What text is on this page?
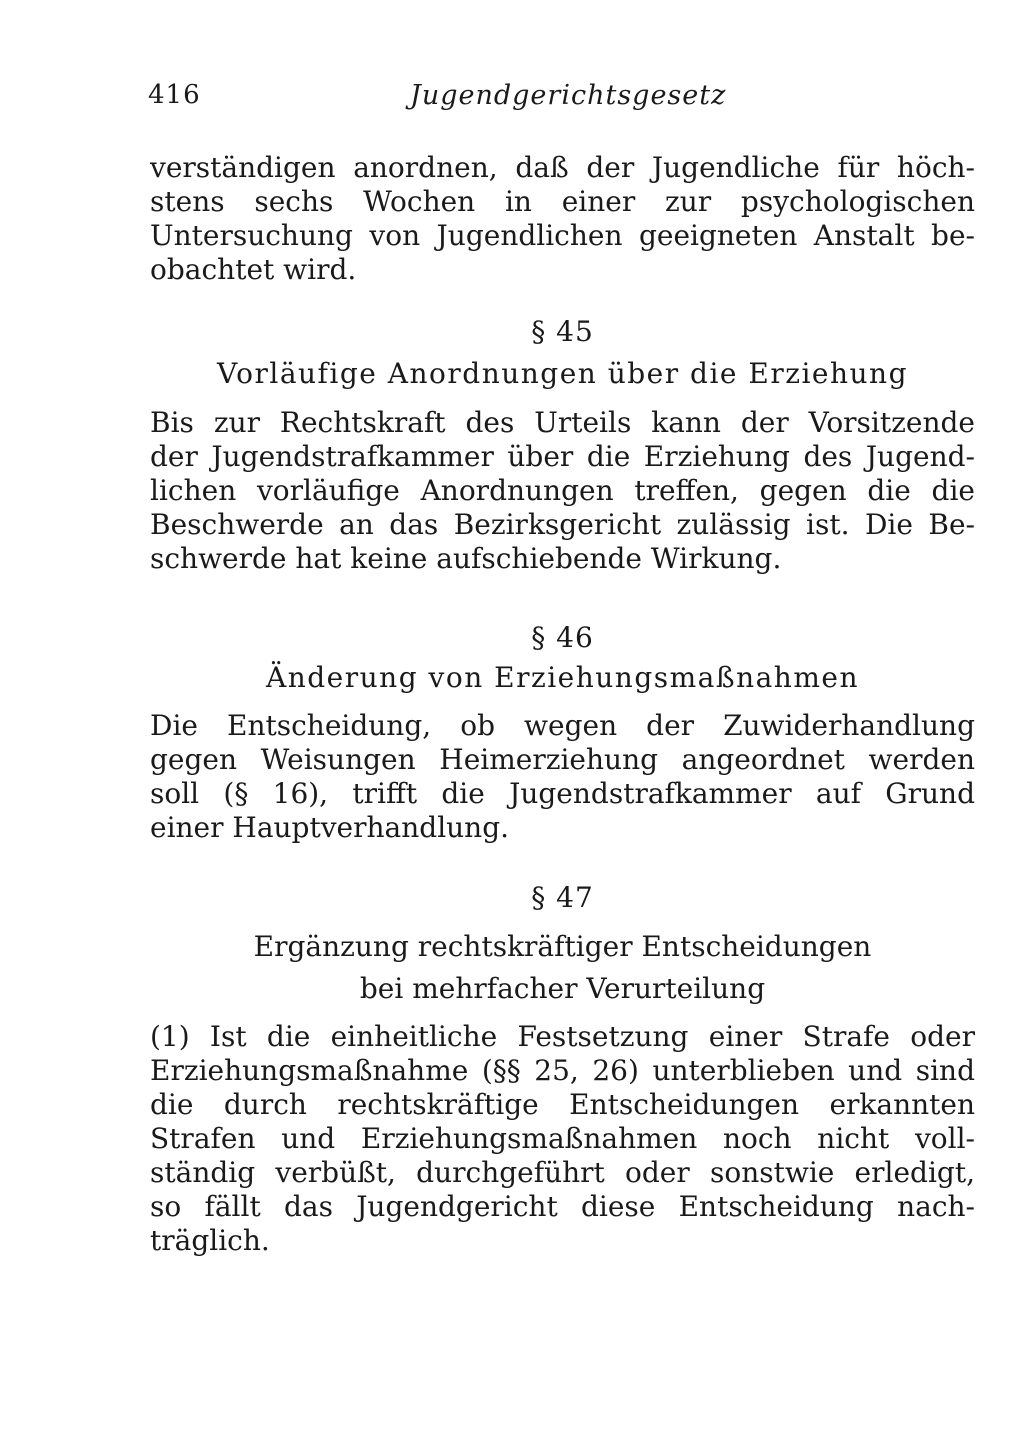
416	Jugendgerichtsgesetz
verständigen anordnen, daß der Jugendliche für höch-
stens sechs Wochen in einer zur psychologischen
Untersuchung von Jugendlichen geeigneten Anstalt be-
obachtet wird.
§ 45
Vorläufige Anordnungen über die Erziehung
Bis zur Rechtskraft des Urteils kann der Vorsitzende
der Jugendstrafkammer über die Erziehung des Jugend-
lichen vorläufige Anordnungen treffen, gegen die die
Beschwerde an das Bezirksgericht zulässig ist. Die Be-
schwerde hat keine aufschiebende Wirkung.
§ 46
Änderung von Erziehungsmaßnahmen
Die Entscheidung, ob wegen der Zuwiderhandlung
gegen Weisungen Heimerziehung angeordnet werden
soll (§ 16), trifft die Jugendstrafkammer auf Grund
einer Hauptverhandlung.
§ 47
Ergänzung rechtskräftiger Entscheidungen
bei mehrfacher Verurteilung
(1) Ist die einheitliche Festsetzung einer Strafe oder
Erziehungsmaßnahme (§§ 25, 26) unterblieben und sind
die durch rechtskräftige Entscheidungen erkannten
Strafen und Erziehungsmaßnahmen noch nicht voll-
ständig verbüßt, durchgeführt oder sonstwie erledigt,
so fällt das Jugendgericht diese Entscheidung nach-
träglich.
